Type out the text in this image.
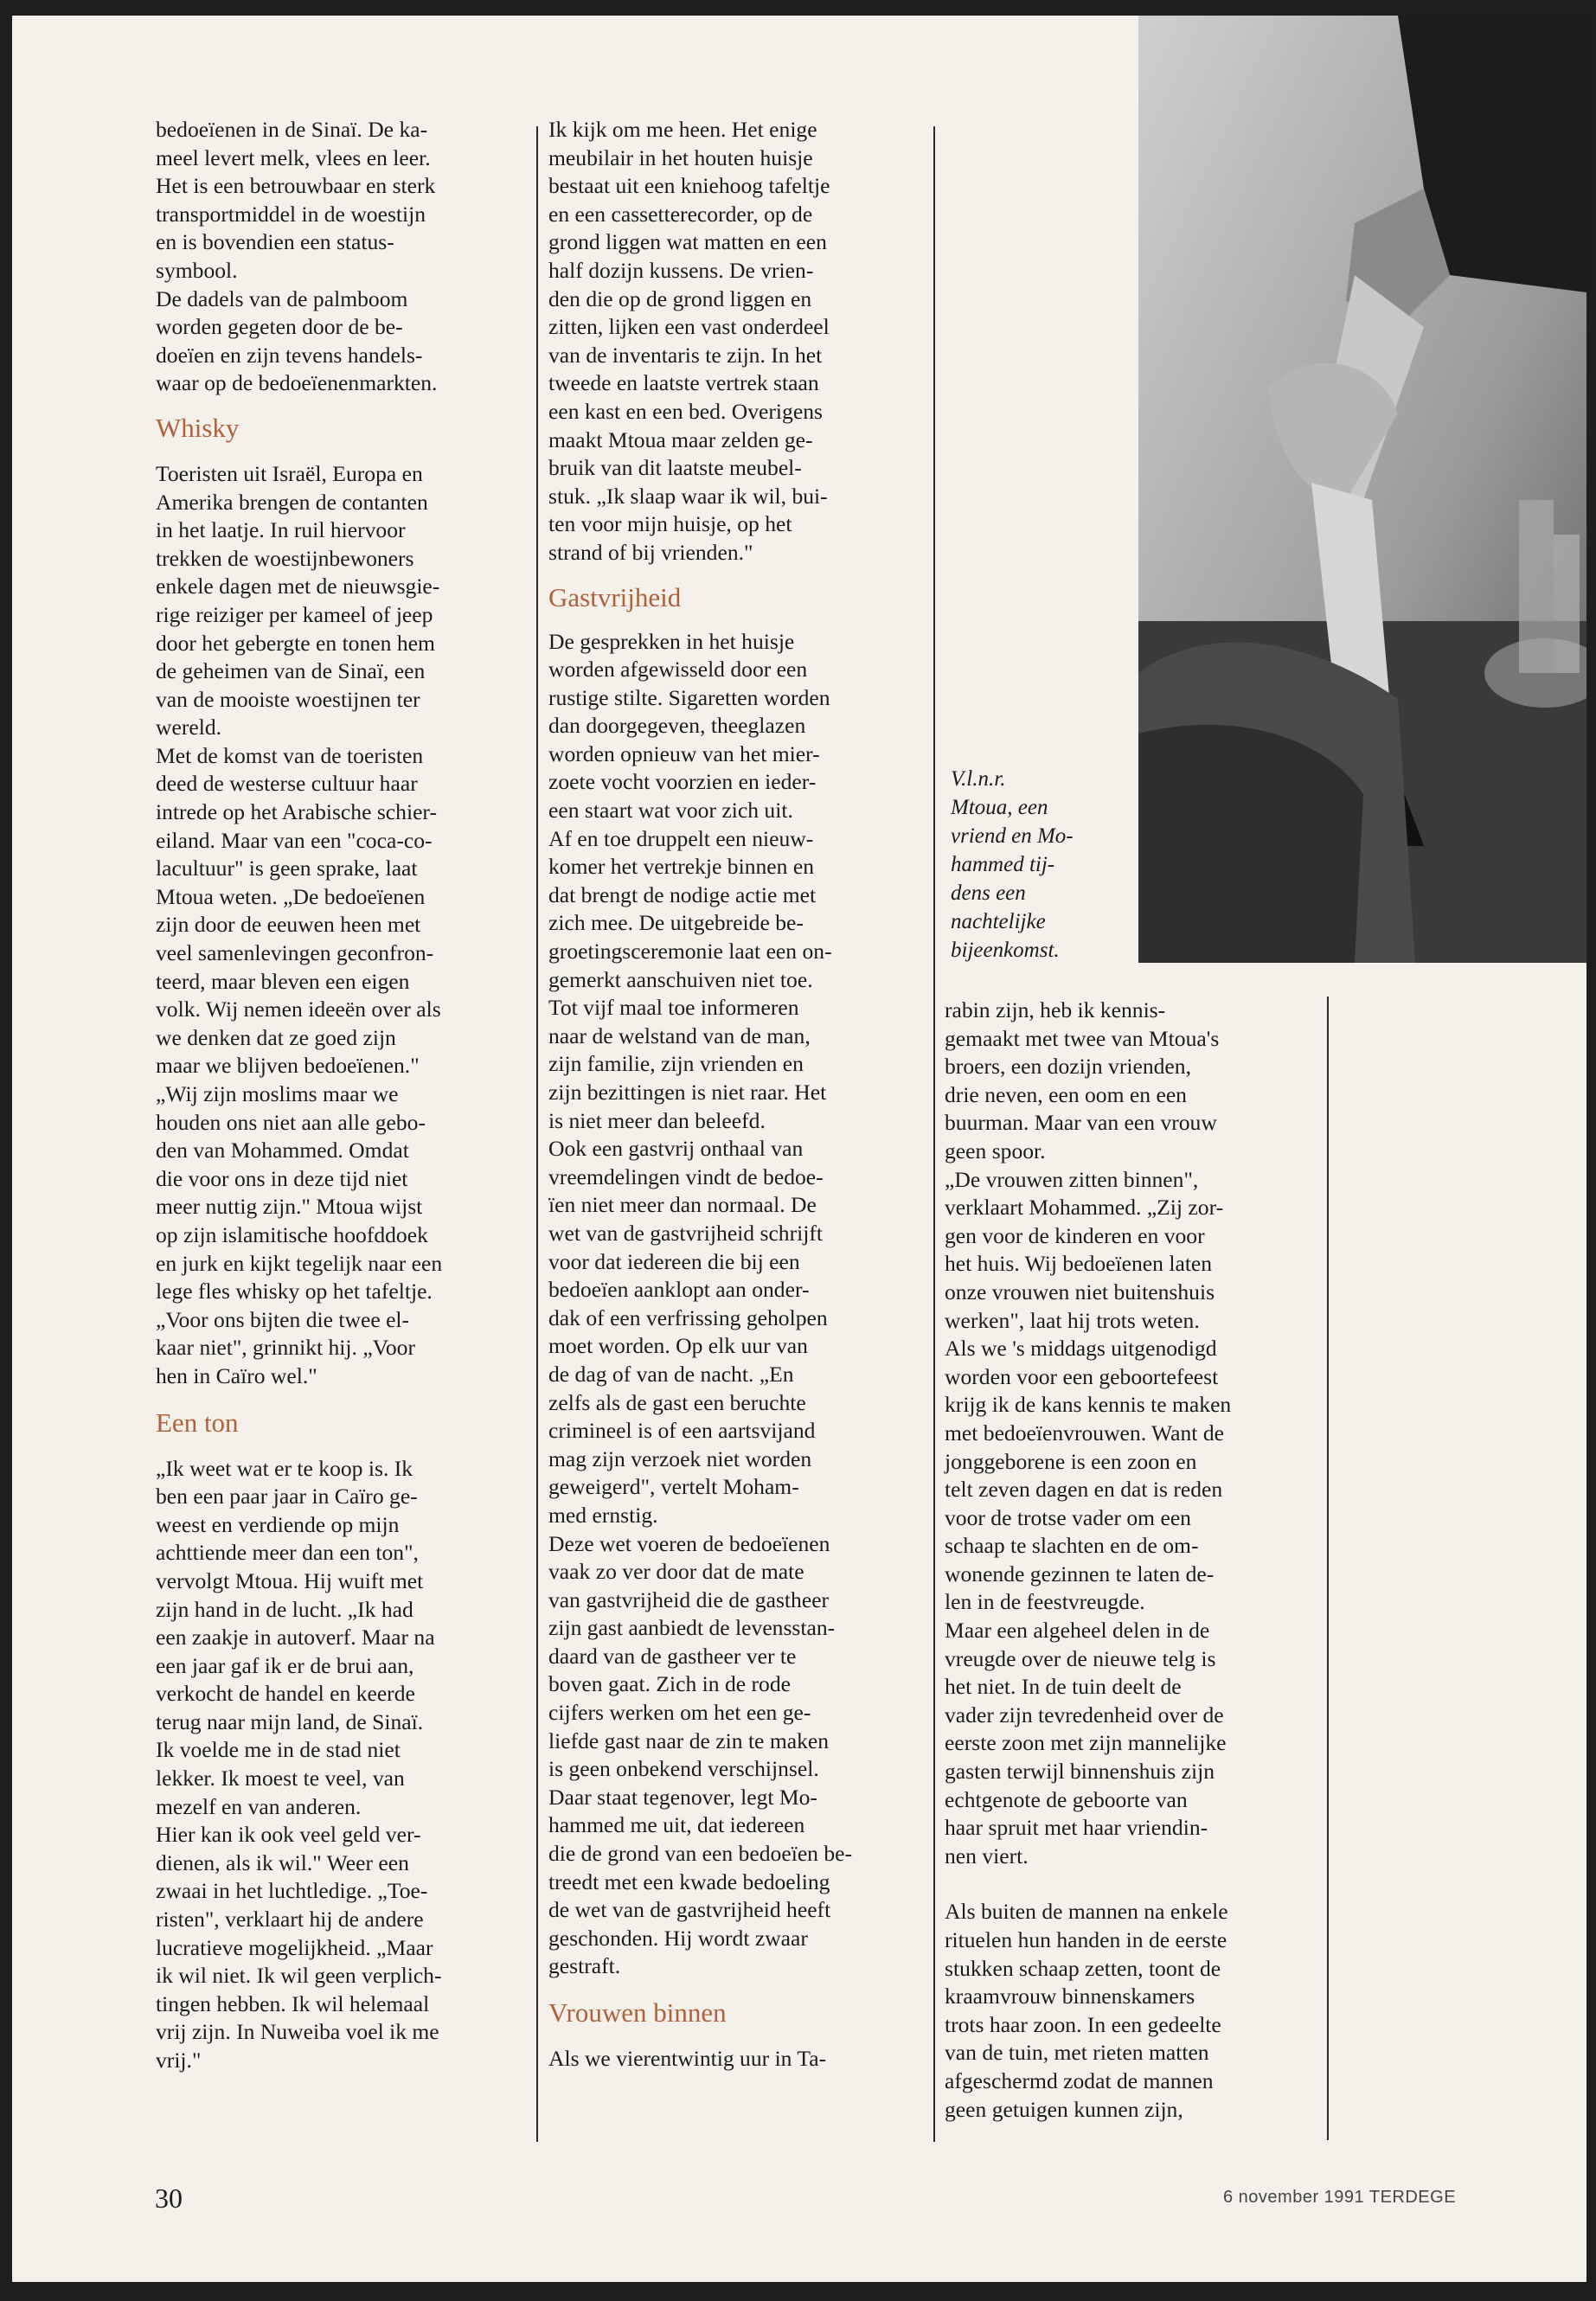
bedoeïenen in de Sinaï. De ka-
meel levert melk, vlees en leer.
Het is een betrouwbaar en sterk
transportmiddel in de woestijn
en is bovendien een status-
symbool.
De dadels van de palmboom
worden gegeten door de be-
doeïen en zijn tevens handels-
waar op de bedoeïenenmarkten.

Whisky

Toeristen uit Israël, Europa en
Amerika brengen de contanten
in het laatje. In ruil hiervoor
trekken de woestijnbewoners
enkele dagen met de nieuwsgie-
rige reiziger per kameel of jeep
door het gebergte en tonen hem
de geheimen van de Sinaï, een
van de mooiste woestijnen ter
wereld.
Met de komst van de toeristen
deed de westerse cultuur haar
intrede op het Arabische schier-
eiland. Maar van een "coca-co-
lacultuur" is geen sprake, laat
Mtoua weten. „De bedoeïenen
zijn door de eeuwen heen met
veel samenlevingen geconfron-
teerd, maar bleven een eigen
volk. Wij nemen ideeën over als
we denken dat ze goed zijn
maar we blijven bedoeïenen."
„Wij zijn moslims maar we
houden ons niet aan alle gebo-
den van Mohammed. Omdat
die voor ons in deze tijd niet
meer nuttig zijn." Mtoua wijst
op zijn islamitische hoofddoek
en jurk en kijkt tegelijk naar een
lege fles whisky op het tafeltje.
„Voor ons bijten die twee el-
kaar niet", grinnikt hij. „Voor
hen in Caïro wel."

Een ton

„Ik weet wat er te koop is. Ik
ben een paar jaar in Caïro ge-
weest en verdiende op mijn
achttiende meer dan een ton",
vervolgt Mtoua. Hij wuift met
zijn hand in de lucht. „Ik had
een zaakje in autoverf. Maar na
een jaar gaf ik er de brui aan,
verkocht de handel en keerde
terug naar mijn land, de Sinaï.
Ik voelde me in de stad niet
lekker. Ik moest te veel, van
mezelf en van anderen.
Hier kan ik ook veel geld ver-
dienen, als ik wil." Weer een
zwaai in het luchtledige. „Toe-
risten", verklaart hij de andere
lucratieve mogelijkheid. „Maar
ik wil niet. Ik wil geen verplich-
tingen hebben. Ik wil helemaal
vrij zijn. In Nuweiba voel ik me
vrij."

Ik kijk om me heen. Het enige
meubilair in het houten huisje
bestaat uit een kniehoog tafeltje
en een cassetterecorder, op de
grond liggen wat matten en een
half dozijn kussens. De vrien-
den die op de grond liggen en
zitten, lijken een vast onderdeel
van de inventaris te zijn. In het
tweede en laatste vertrek staan
een kast en een bed. Overigens
maakt Mtoua maar zelden ge-
bruik van dit laatste meubel-
stuk. „Ik slaap waar ik wil, bui-
ten voor mijn huisje, op het
strand of bij vrienden."

Gastvrijheid

De gesprekken in het huisje
worden afgewisseld door een
rustige stilte. Sigaretten worden
dan doorgegeven, theeglazen
worden opnieuw van het mier-
zoete vocht voorzien en ieder-
een staart wat voor zich uit.
Af en toe druppelt een nieuw-
komer het vertrekje binnen en
dat brengt de nodige actie met
zich mee. De uitgebreide be-
groetingsceremonie laat een on-
gemerkt aanschuiven niet toe.
Tot vijf maal toe informeren
naar de welstand van de man,
zijn familie, zijn vrienden en
zijn bezittingen is niet raar. Het
is niet meer dan beleefd.
Ook een gastvrij onthaal van
vreemdelingen vindt de bedoe-
ïen niet meer dan normaal. De
wet van de gastvrijheid schrijft
voor dat iedereen die bij een
bedoeïen aanklopt aan onder-
dak of een verfrissing geholpen
moet worden. Op elk uur van
de dag of van de nacht. „En
zelfs als de gast een beruchte
crimineel is of een aartsvijand
mag zijn verzoek niet worden
geweigerd", vertelt Moham-
med ernstig.
Deze wet voeren de bedoeïenen
vaak zo ver door dat de mate
van gastvrijheid die de gastheer
zijn gast aanbiedt de levensstan-
daard van de gastheer ver te
boven gaat. Zich in de rode
cijfers werken om het een ge-
liefde gast naar de zin te maken
is geen onbekend verschijnsel.
Daar staat tegenover, legt Mo-
hammed me uit, dat iedereen
die de grond van een bedoeïen be-
treedt met een kwade bedoeling
de wet van de gastvrijheid heeft
geschonden. Hij wordt zwaar
gestraft.

Vrouwen binnen

Als we vierentwintig uur in Ta-

V.l.n.r.
Mtoua, een
vriend en Mo-
hammed tij-
dens een
nachtelijke
bijeenkomst.

rabin zijn, heb ik kennis-
gemaakt met twee van Mtoua's
broers, een dozijn vrienden,
drie neven, een oom en een
buurman. Maar van een vrouw
geen spoor.
„De vrouwen zitten binnen",
verklaart Mohammed. „Zij zor-
gen voor de kinderen en voor
het huis. Wij bedoeïenen laten
onze vrouwen niet buitenshuis
werken", laat hij trots weten.
Als we 's middags uitgenodigd
worden voor een geboortefeest
krijg ik de kans kennis te maken
met bedoeïenvrouwen. Want de
jonggeborene is een zoon en
telt zeven dagen en dat is reden
voor de trotse vader om een
schaap te slachten en de om-
wonende gezinnen te laten de-
len in de feestvreugde.
Maar een algeheel delen in de
vreugde over de nieuwe telg is
het niet. In de tuin deelt de
vader zijn tevredenheid over de
eerste zoon met zijn mannelijke
gasten terwijl binnenshuis zijn
echtgenote de geboorte van
haar spruit met haar vriendin-
nen viert.

Als buiten de mannen na enkele
rituelen hun handen in de eerste
stukken schaap zetten, toont de
kraamvrouw binnenskamers
trots haar zoon. In een gedeelte
van de tuin, met rieten matten
afgeschermd zodat de mannen
geen getuigen kunnen zijn,

30	6 november 1991 TERDEGE
